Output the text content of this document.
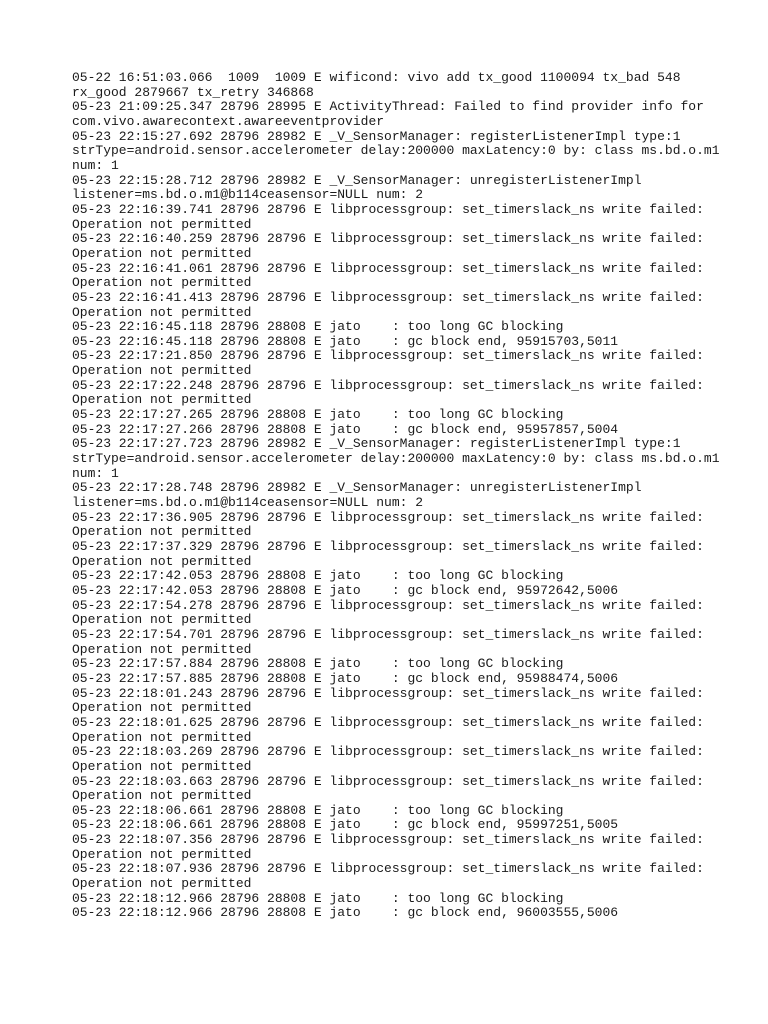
05-22 16:51:03.066  1009  1009 E wificond: vivo add tx_good 1100094 tx_bad 548
rx_good 2879667 tx_retry 346868
05-23 21:09:25.347 28796 28995 E ActivityThread: Failed to find provider info for
com.vivo.awarecontext.awareeventprovider
05-23 22:15:27.692 28796 28982 E _V_SensorManager: registerListenerImpl type:1
strType=android.sensor.accelerometer delay:200000 maxLatency:0 by: class ms.bd.o.m1
num: 1
05-23 22:15:28.712 28796 28982 E _V_SensorManager: unregisterListenerImpl
listener=ms.bd.o.m1@b114ceasensor=NULL num: 2
05-23 22:16:39.741 28796 28796 E libprocessgroup: set_timerslack_ns write failed:
Operation not permitted
05-23 22:16:40.259 28796 28796 E libprocessgroup: set_timerslack_ns write failed:
Operation not permitted
05-23 22:16:41.061 28796 28796 E libprocessgroup: set_timerslack_ns write failed:
Operation not permitted
05-23 22:16:41.413 28796 28796 E libprocessgroup: set_timerslack_ns write failed:
Operation not permitted
05-23 22:16:45.118 28796 28808 E jato    : too long GC blocking
05-23 22:16:45.118 28796 28808 E jato    : gc block end, 95915703,5011
05-23 22:17:21.850 28796 28796 E libprocessgroup: set_timerslack_ns write failed:
Operation not permitted
05-23 22:17:22.248 28796 28796 E libprocessgroup: set_timerslack_ns write failed:
Operation not permitted
05-23 22:17:27.265 28796 28808 E jato    : too long GC blocking
05-23 22:17:27.266 28796 28808 E jato    : gc block end, 95957857,5004
05-23 22:17:27.723 28796 28982 E _V_SensorManager: registerListenerImpl type:1
strType=android.sensor.accelerometer delay:200000 maxLatency:0 by: class ms.bd.o.m1
num: 1
05-23 22:17:28.748 28796 28982 E _V_SensorManager: unregisterListenerImpl
listener=ms.bd.o.m1@b114ceasensor=NULL num: 2
05-23 22:17:36.905 28796 28796 E libprocessgroup: set_timerslack_ns write failed:
Operation not permitted
05-23 22:17:37.329 28796 28796 E libprocessgroup: set_timerslack_ns write failed:
Operation not permitted
05-23 22:17:42.053 28796 28808 E jato    : too long GC blocking
05-23 22:17:42.053 28796 28808 E jato    : gc block end, 95972642,5006
05-23 22:17:54.278 28796 28796 E libprocessgroup: set_timerslack_ns write failed:
Operation not permitted
05-23 22:17:54.701 28796 28796 E libprocessgroup: set_timerslack_ns write failed:
Operation not permitted
05-23 22:17:57.884 28796 28808 E jato    : too long GC blocking
05-23 22:17:57.885 28796 28808 E jato    : gc block end, 95988474,5006
05-23 22:18:01.243 28796 28796 E libprocessgroup: set_timerslack_ns write failed:
Operation not permitted
05-23 22:18:01.625 28796 28796 E libprocessgroup: set_timerslack_ns write failed:
Operation not permitted
05-23 22:18:03.269 28796 28796 E libprocessgroup: set_timerslack_ns write failed:
Operation not permitted
05-23 22:18:03.663 28796 28796 E libprocessgroup: set_timerslack_ns write failed:
Operation not permitted
05-23 22:18:06.661 28796 28808 E jato    : too long GC blocking
05-23 22:18:06.661 28796 28808 E jato    : gc block end, 95997251,5005
05-23 22:18:07.356 28796 28796 E libprocessgroup: set_timerslack_ns write failed:
Operation not permitted
05-23 22:18:07.936 28796 28796 E libprocessgroup: set_timerslack_ns write failed:
Operation not permitted
05-23 22:18:12.966 28796 28808 E jato    : too long GC blocking
05-23 22:18:12.966 28796 28808 E jato    : gc block end, 96003555,5006
